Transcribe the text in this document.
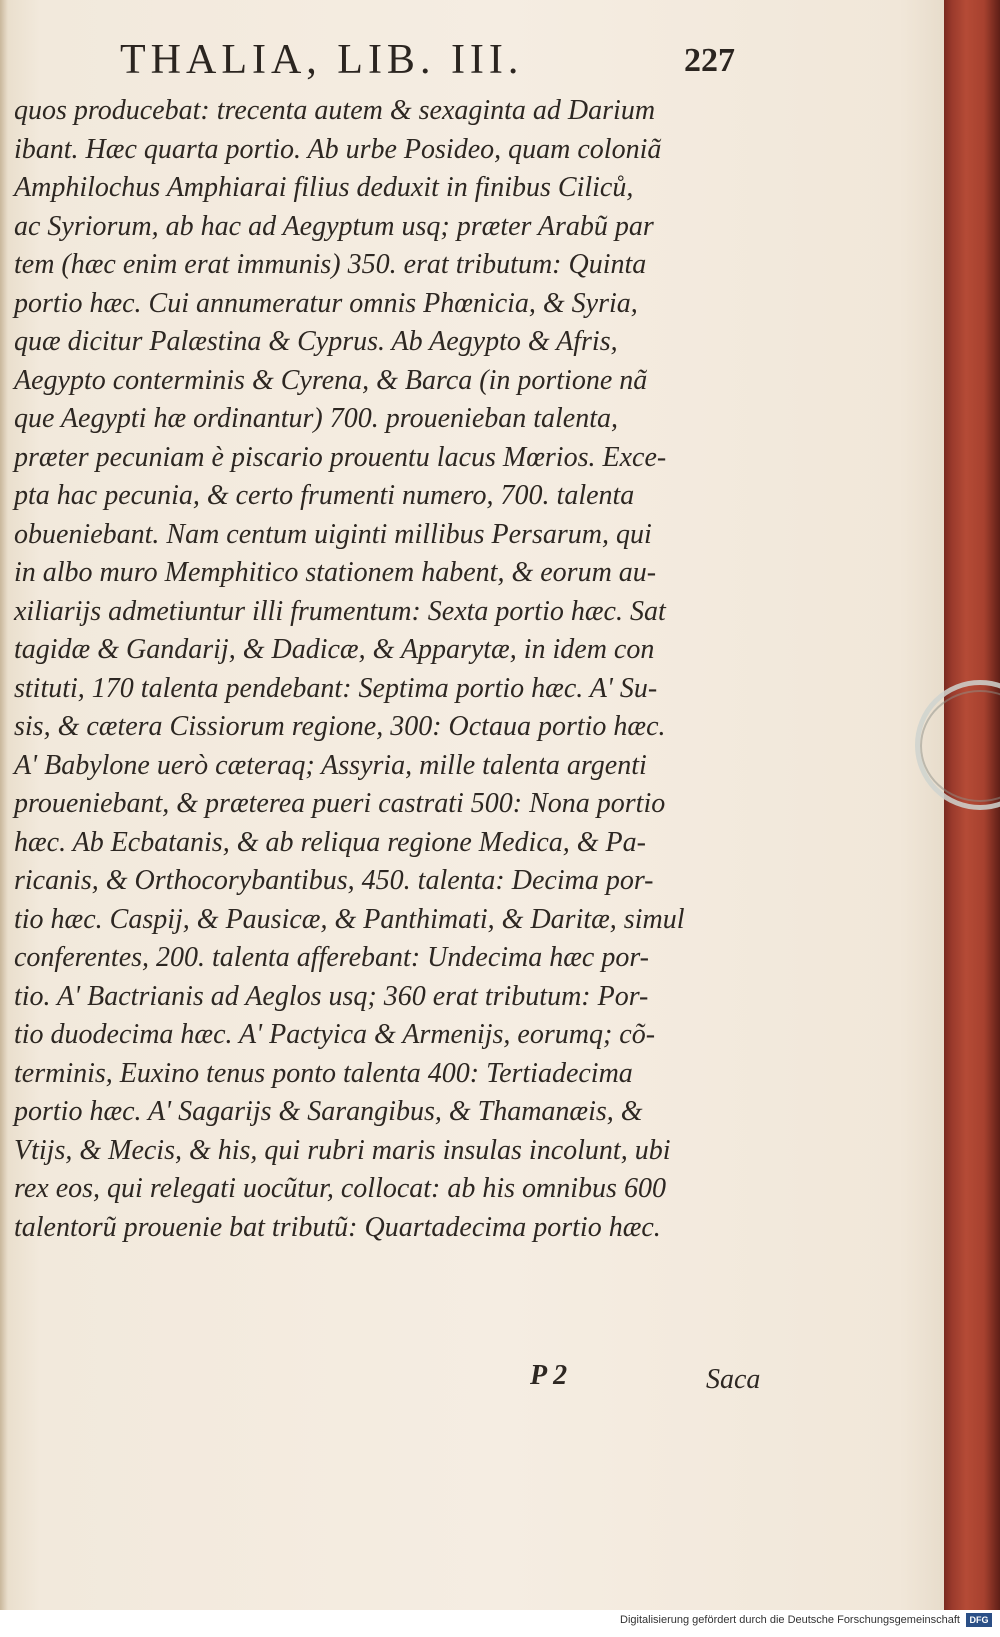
THALIA, LIB. III.	227
quos producebat: trecenta autem & sexaginta ad Darium
ibant. Hæc quarta portio. Ab urbe Posideo, quam coloniã
Amphilochus Amphiarai filius deduxit in finibus Ciliců,
ac Syriorum, ab hac ad Aegyptum usq; præter Arabũ par
tem (hæc enim erat immunis) 350. erat tributum: Quinta
portio hæc. Cui annumeratur omnis Phœnicia, & Syria,
quæ dicitur Palæstina & Cyprus. Ab Aegypto & Afris,
Aegypto conterminis & Cyrena, & Barca (in portione nã
que Aegypti hæ ordinantur) 700. prouenieban talenta,
præter pecuniam è piscario prouentu lacus Mœrios. Exce-
pta hac pecunia, & certo frumenti numero, 700. talenta
obueniebant. Nam centum uiginti millibus Persarum, qui
in albo muro Memphitico stationem habent, & eorum au-
xiliarijs admetiuntur illi frumentum: Sexta portio hæc. Sat
tagidæ & Gandarij, & Dadicæ, & Apparytæ, in idem con
stituti, 170 talenta pendebant: Septima portio hæc. A' Su-
sis, & cætera Cissiorum regione, 300: Octaua portio hæc.
A' Babylone uerò cæteraq; Assyria, mille talenta argenti
proueniebant, & præterea pueri castrati 500: Nona portio
hæc. Ab Ecbatanis, & ab reliqua regione Medica, & Pa-
ricanis, & Orthocorybantibus, 450. talenta: Decima por-
tio hæc. Caspij, & Pausicæ, & Panthimati, & Daritæ, simul
conferentes, 200. talenta afferebant: Undecima hæc por-
tio. A' Bactrianis ad Aeglos usq; 360 erat tributum: Por-
tio duodecima hæc. A' Pactyica & Armenijs, eorumq; cõ-
terminis, Euxino tenus ponto talenta 400: Tertiadecima
portio hæc. A' Sagarijs & Sarangibus, & Thamanæis, &
Vtijs, & Mecis, & his, qui rubri maris insulas incolunt, ubi
rex eos, qui relegati uocũtur, collocat: ab his omnibus 600
talentorũ prouenie bat tributũ: Quartadecima portio hæc.
P 2	Saca
Digitalisierung gefördert durch die Deutsche Forschungsgemeinschaft	DFG
